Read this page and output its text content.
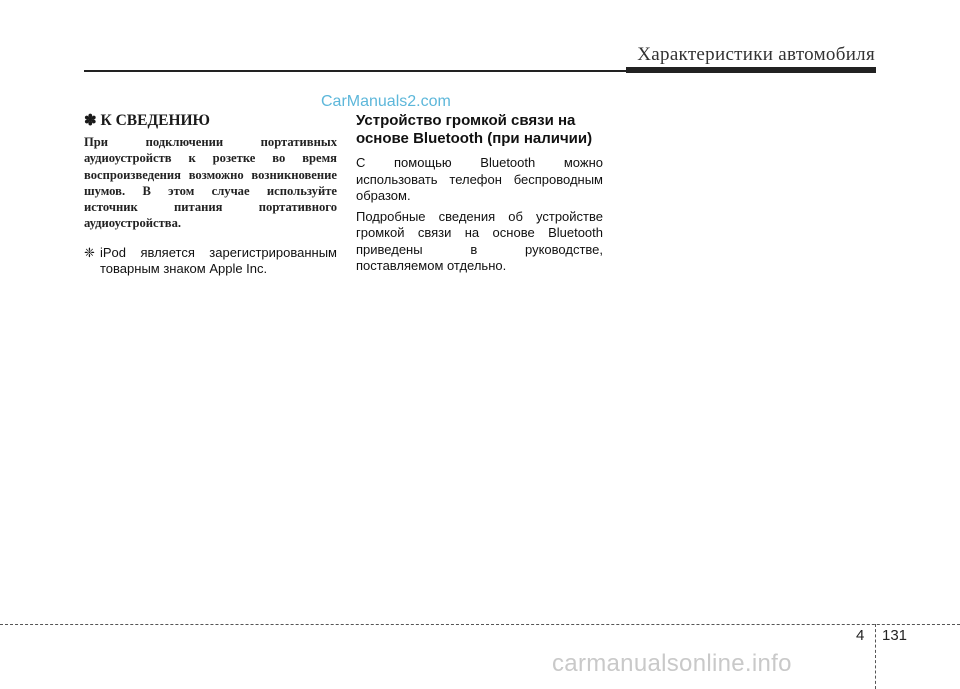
Характеристики автомобиля
CarManuals2.com
✽ К СВЕДЕНИЮ

При подключении портативных аудиоустройств к розетке во время воспроизведения возможно возникновение шумов. В этом случае используйте источник питания портативного аудиоустройства.

❈ iPod является зарегистрированным товарным знаком Apple Inc.
Устройство громкой связи на основе Bluetooth (при наличии)

С помощью Bluetooth можно использовать телефон беспроводным образом.

Подробные сведения об устройстве громкой связи на основе Bluetooth приведены в руководстве, поставляемом отдельно.

4 131
carmanualsonline.info
